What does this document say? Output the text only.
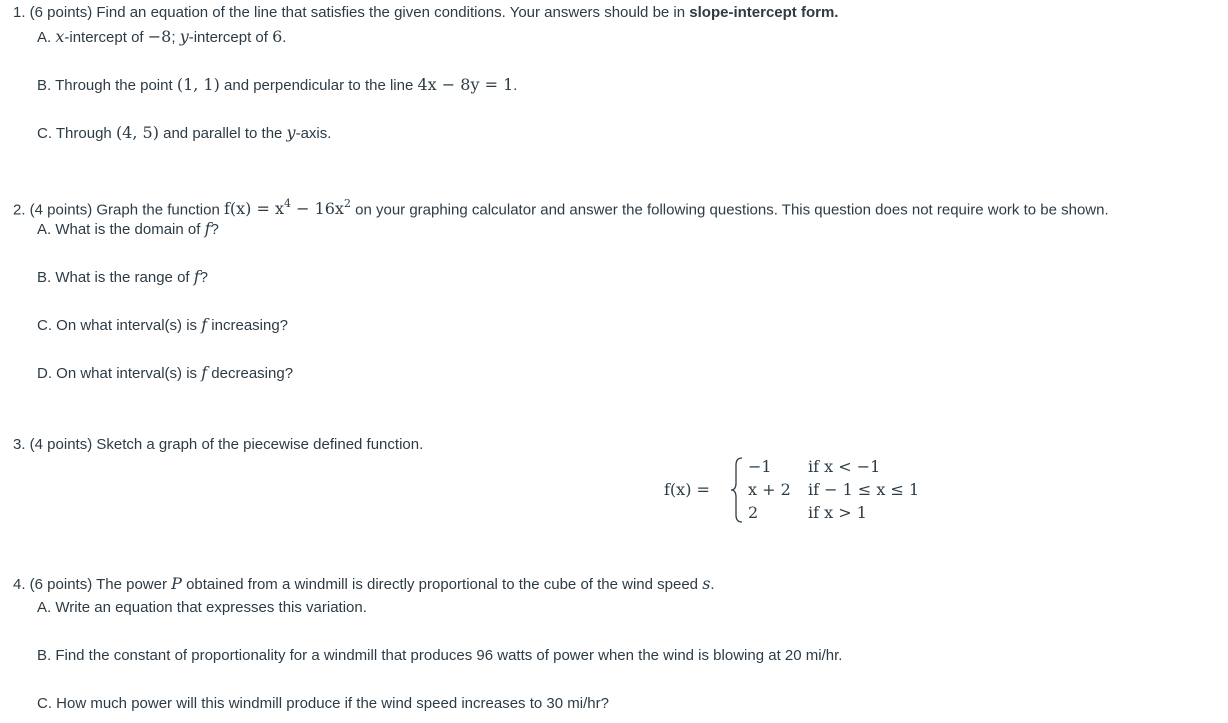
1. (6 points) Find an equation of the line that satisfies the given conditions. Your answers should be in slope-intercept form.
A. x-intercept of −8; y-intercept of 6.
B. Through the point (1, 1) and perpendicular to the line 4x − 8y = 1.
C. Through (4, 5) and parallel to the y-axis.
2. (4 points) Graph the function $f(x) = x^4 - 16x^2$ on your graphing calculator and answer the following questions. This question does not require work to be shown.
A. What is the domain of f?
B. What is the range of f?
C. On what interval(s) is f increasing?
D. On what interval(s) is f decreasing?
3. (4 points) Sketch a graph of the piecewise defined function.
f(x) =
−1 if x < −1
x + 2 if − 1 ≤ x ≤ 1
2	if x > 1
4. (6 points) The power P obtained from a windmill is directly proportional to the cube of the wind speed s.
A. Write an equation that expresses this variation.
B. Find the constant of proportionality for a windmill that produces 96 watts of power when the wind is blowing at 20 mi/hr.
C. How much power will this windmill produce if the wind speed increases to 30 mi/hr?
